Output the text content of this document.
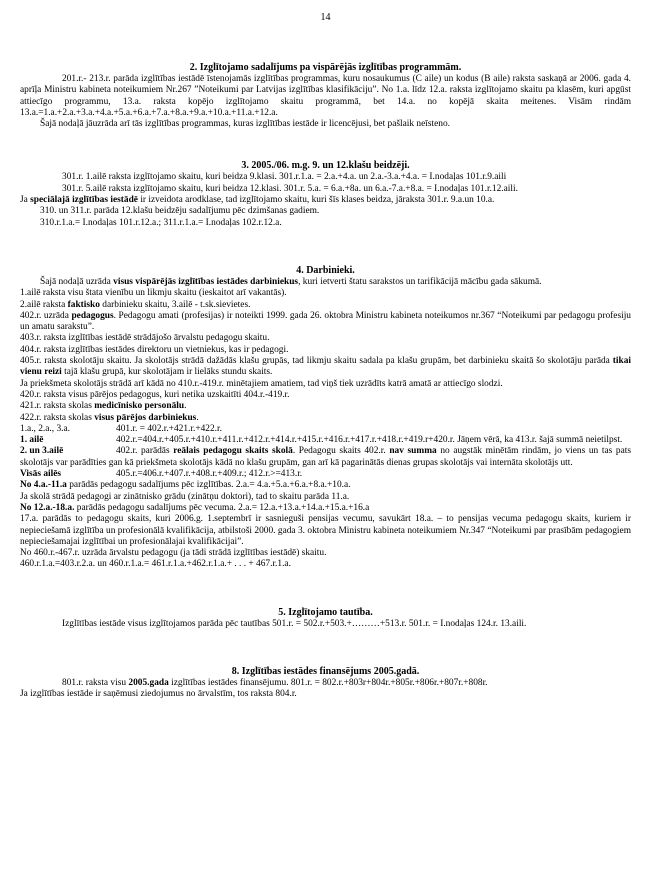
14
2. Izglītojamo sadalījums pa vispārējās izglītības programmām.

201.r.- 213.r. parāda izglītības iestādē īstenojamās izglītības programmas, kuru nosaukumus (C aile) un kodus (B aile) raksta saskaņā ar 2006. gada 4. aprīļa Ministru kabineta noteikumiem Nr.267 ”Noteikumi par Latvijas izglītības klasifikāciju”. No 1.a. līdz 12.a. raksta izglītojamo skaitu pa klasēm, kuri apgūst attiecīgo programmu, 13.a. raksta kopējo izglītojamo skaitu programmā, bet 14.a. no kopējā skaita meitenes. Visām rindām 13.a.=1.a.+2.a.+3.a.+4.a.+5.a.+6.a.+7.a.+8.a.+9.a.+10.a.+11.a.+12.a.

Šajā nodaļā jāuzrāda arī tās izglītības programmas, kuras izglītības iestāde ir licencējusi, bet pašlaik neīsteno.

3. 2005./06. m.g. 9. un 12.klašu beidzēji.

301.r. 1.ailē raksta izglītojamo skaitu, kuri beidza 9.klasi. 301.r.1.a. = 2.a.+4.a. un 2.a.-3.a.+4.a. = I.nodaļas 101.r.9.aili

301.r. 5.ailē raksta izglītojamo skaitu, kuri beidza 12.klasi. 301.r. 5.a. = 6.a.+8a. un 6.a.-7.a.+8.a. = I.nodaļas 101.r.12.aili.

Ja speciālajā izglītības iestādē ir izveidota arodklase, tad izglītojamo skaitu, kuri šīs klases beidza, jāraksta 301.r. 9.a.un 10.a.

310. un 311.r. parāda 12.klašu beidzēju sadalījumu pēc dzimšanas gadiem.

310.r.1.a.= I.nodaļas 101.r.12.a.; 311.r.1.a.= I.nodaļas 102.r.12.a.

4. Darbinieki.

Šajā nodaļā uzrāda visus vispārējās izglītības iestādes darbiniekus, kuri ietverti štatu sarakstos un tarifikācijā mācību gada sākumā.

1.ailē raksta visu štata vienību un likmju skaitu (ieskaitot arī vakantās).

2.ailē raksta faktisko darbinieku skaitu, 3.ailē - t.sk.sievietes.

402.r. uzrāda pedagogus. Pedagogu amati (profesijas) ir noteikti 1999. gada 26. oktobra Ministru kabineta noteikumos nr.367 “Noteikumi par pedagogu profesiju un amatu sarakstu”.

403.r. raksta izglītības iestādē strādājošo ārvalstu pedagogu skaitu.

404.r. raksta izglītības iestādes direktoru un vietniekus, kas ir pedagogi.

405.r. raksta skolotāju skaitu. Ja skolotājs strādā dažādās klašu grupās, tad likmju skaitu sadala pa klašu grupām, bet darbinieku skaitā šo skolotāju parāda tikai vienu reizi tajā klašu grupā, kur skolotājam ir lielāks stundu skaits.

Ja priekšmeta skolotājs strādā arī kādā no 410.r.-419.r. minētajiem amatiem, tad viņš tiek uzrādīts katrā amatā ar attiecīgo slodzi.

420.r. raksta visus pārējos pedagogus, kuri netika uzskaitīti 404.r.-419.r.

421.r. raksta skolas medicīnisko personālu.

422.r. raksta skolas visus pārējos darbiniekus.

1.a., 2.a., 3.a.	401.r. = 402.r.+421.r.+422.r.

1. ailē	402.r.=404.r.+405.r.+410.r.+411.r.+412.r.+414.r.+415.r.+416.r.+417.r.+418.r.+419.r+420.r. Jāņem vērā, ka 413.r. šajā summā neietilpst.

2. un 3.ailē	402.r. parādās reālais pedagogu skaits skolā. Pedagogu skaits 402.r. nav summa no augstāk minētām rindām, jo viens un tas pats skolotājs var parādīties gan kā priekšmeta skolotājs kādā no klašu grupām, gan arī kā pagarinātās dienas grupas skolotājs vai internāta skolotājs utt.

Visās ailēs	405.r.=406.r.+407.r.+408.r.+409.r.; 412.r.>=413.r.

No 4.a.-11.a parādās pedagogu sadalījums pēc izglītības. 2.a.= 4.a.+5.a.+6.a.+8.a.+10.a.

Ja skolā strādā pedagogi ar zinātnisko grādu (zinātņu doktori), tad to skaitu parāda 11.a.

No 12.a.-18.a. parādās pedagogu sadalījums pēc vecuma. 2.a.= 12.a.+13.a.+14.a.+15.a.+16.a

17.a. parādās to pedagogu skaits, kuri 2006.g. 1.septembrī ir sasnieguši pensijas vecumu, savukārt 18.a. – to pensijas vecuma pedagogu skaits, kuriem ir nepieciešamā izglītība un profesionālā kvalifikācija, atbilstoši 2000. gada 3. oktobra Ministru kabineta noteikumiem Nr.347 “Noteikumi par prasībām pedagogiem nepieciešamajai izglītībai un profesionālajai kvalifikācijai”.

No 460.r.-467.r. uzrāda ārvalstu pedagogu (ja tādi strādā izglītības iestādē) skaitu.

460.r.1.a.=403.r.2.a. un 460.r.1.a.= 461.r.1.a.+462.r.1.a.+ . . . + 467.r.1.a.

5. Izglītojamo tautība.

Izglītības iestāde visus izglītojamos parāda pēc tautības 501.r. = 502.r.+503.+………+513.r. 501.r. = I.nodaļas 124.r. 13.aili.

8. Izglītības iestādes finansējums 2005.gadā.

801.r. raksta visu 2005.gada izglītības iestādes finansējumu. 801.r. = 802.r.+803r+804r.+805r.+806r.+807r.+808r.

Ja izglītības iestāde ir saņēmusi ziedojumus no ārvalstīm, tos raksta 804.r.
